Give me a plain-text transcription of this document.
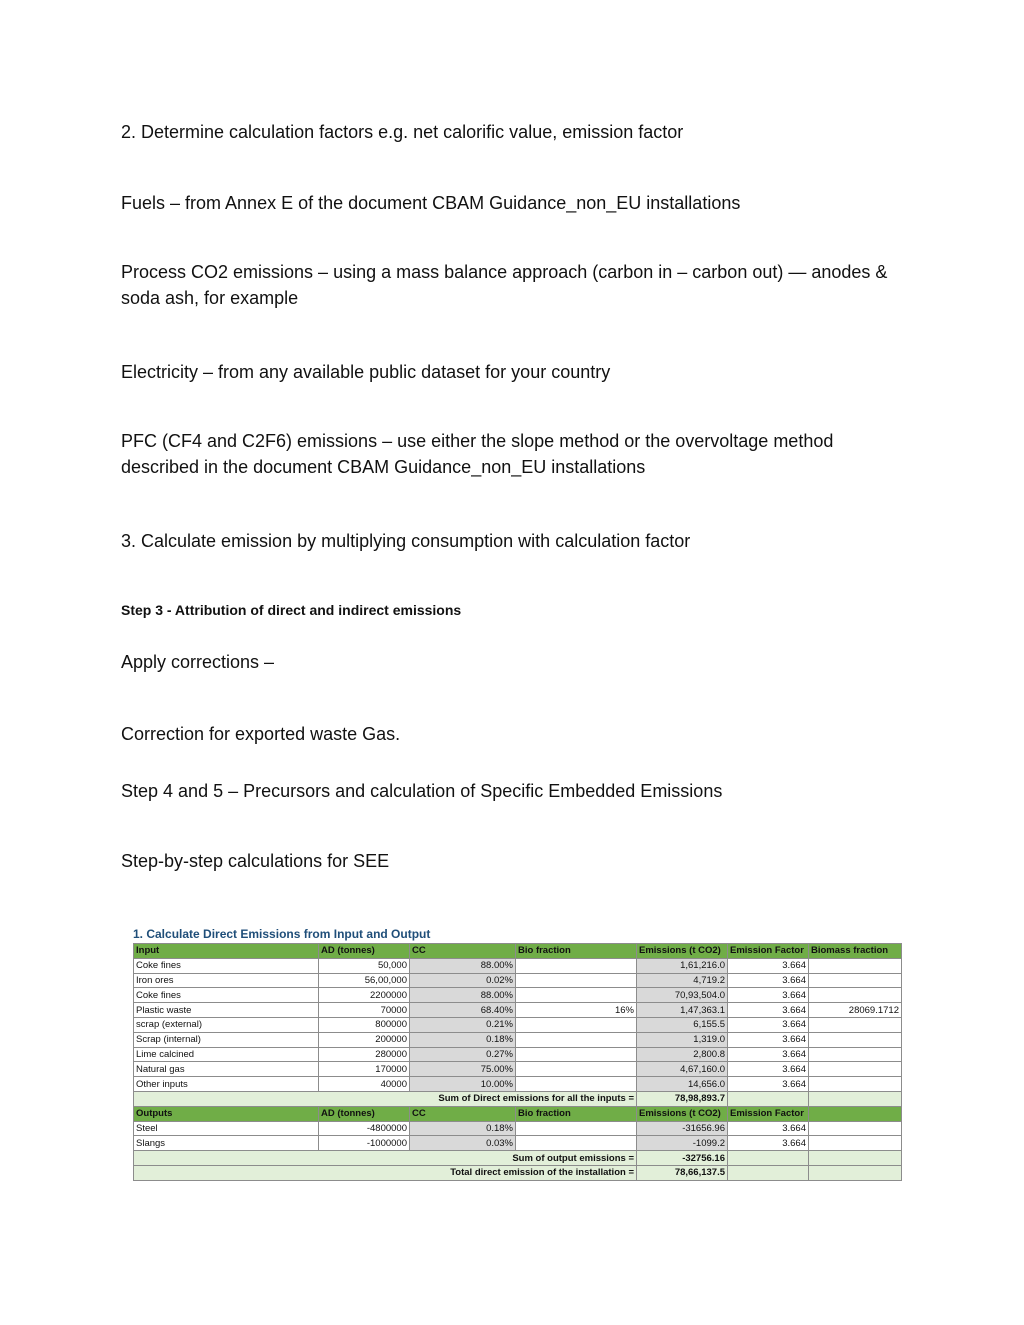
2. Determine calculation factors e.g. net calorific value, emission factor

Fuels – from Annex E of the document CBAM Guidance_non_EU installations

Process CO2 emissions – using a mass balance approach (carbon in – carbon out) — anodes & soda ash, for example

Electricity – from any available public dataset for your country

PFC (CF4 and C2F6) emissions – use either the slope method or the overvoltage method described in the document CBAM Guidance_non_EU installations

3. Calculate emission by multiplying consumption with calculation factor

Step 3 - Attribution of direct and indirect emissions

Apply corrections –

Correction for exported waste Gas.

Step 4 and 5 – Precursors and calculation of Specific Embedded Emissions

Step-by-step calculations for SEE

1. Calculate Direct Emissions from Input and Output
Input	AD (tonnes)	CC	Bio fraction	Emissions (t CO2)	Emission Factor	Biomass fraction
Coke fines	50,000	88.00%		1,61,216.0	3.664	
Iron ores	56,00,000	0.02%		4,719.2	3.664	
Coke fines	2200000	88.00%		70,93,504.0	3.664	
Plastic waste	70000	68.40%	16%	1,47,363.1	3.664	28069.1712
scrap (external)	800000	0.21%		6,155.5	3.664	
Scrap (internal)	200000	0.18%		1,319.0	3.664	
Lime calcined	280000	0.27%		2,800.8	3.664	
Natural gas	170000	75.00%		4,67,160.0	3.664	
Other inputs	40000	10.00%		14,656.0	3.664	
Sum of Direct emissions for all the inputs =				78,98,893.7		
Outputs	AD (tonnes)	CC	Bio fraction	Emissions (t CO2)	Emission Factor	
Steel	-4800000	0.18%		-31656.96	3.664	
Slangs	-1000000	0.03%		-1099.2	3.664	
Sum of output emissions =				-32756.16		
Total direct emission of the installation =				78,66,137.5		
